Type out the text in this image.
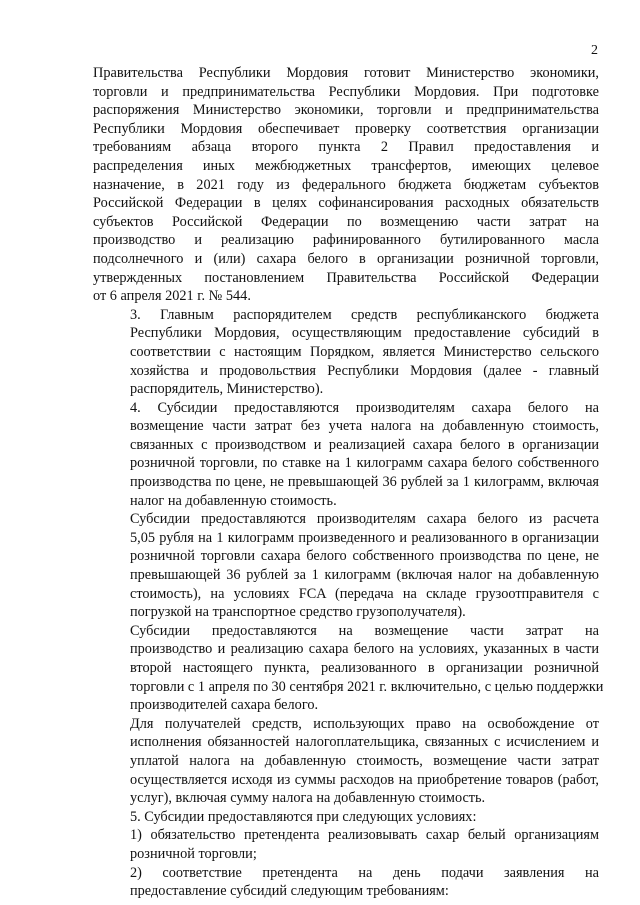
2
Правительства Республики Мордовия готовит Министерство экономики,
торговли и предпринимательства Республики Мордовия. При подготовке
распоряжения Министерство экономики, торговли и предпринимательства
Республики Мордовия обеспечивает проверку соответствия организации
требованиям абзаца второго пункта 2 Правил предоставления и
распределения иных межбюджетных трансфертов, имеющих целевое
назначение, в 2021 году из федерального бюджета бюджетам субъектов
Российской Федерации в целях софинансирования расходных обязательств
субъектов Российской Федерации по возмещению части затрат на
производство и реализацию рафинированного бутилированного масла
подсолнечного и (или) сахара белого в организации розничной торговли,
утвержденных постановлением Правительства Российской Федерации
от 6 апреля 2021 г. № 544.
3. Главным распорядителем средств республиканского бюджета
Республики Мордовия, осуществляющим предоставление субсидий в
соответствии с настоящим Порядком, является Министерство сельского
хозяйства и продовольствия Республики Мордовия (далее - главный
распорядитель, Министерство).
4. Субсидии предоставляются производителям сахара белого на
возмещение части затрат без учета налога на добавленную стоимость,
связанных с производством и реализацией сахара белого в организации
розничной торговли, по ставке на 1 килограмм сахара белого собственного
производства по цене, не превышающей 36 рублей за 1 килограмм, включая
налог на добавленную стоимость.
Субсидии предоставляются производителям сахара белого из расчета
5,05 рубля на 1 килограмм произведенного и реализованного в организации
розничной торговли сахара белого собственного производства по цене, не
превышающей 36 рублей за 1 килограмм (включая налог на добавленную
стоимость), на условиях FCA (передача на складе грузоотправителя с
погрузкой на транспортное средство грузополучателя).
Субсидии предоставляются на возмещение части затрат на
производство и реализацию сахара белого на условиях, указанных в части
второй настоящего пункта, реализованного в организации розничной
торговли с 1 апреля по 30 сентября 2021 г. включительно, с целью поддержки
производителей сахара белого.
Для получателей средств, использующих право на освобождение от
исполнения обязанностей налогоплательщика, связанных с исчислением и
уплатой налога на добавленную стоимость, возмещение части затрат
осуществляется исходя из суммы расходов на приобретение товаров (работ,
услуг), включая сумму налога на добавленную стоимость.
5. Субсидии предоставляются при следующих условиях:
1) обязательство претендента реализовывать сахар белый организациям
розничной торговли;
2) соответствие претендента на день подачи заявления на
предоставление субсидий следующим требованиям:
